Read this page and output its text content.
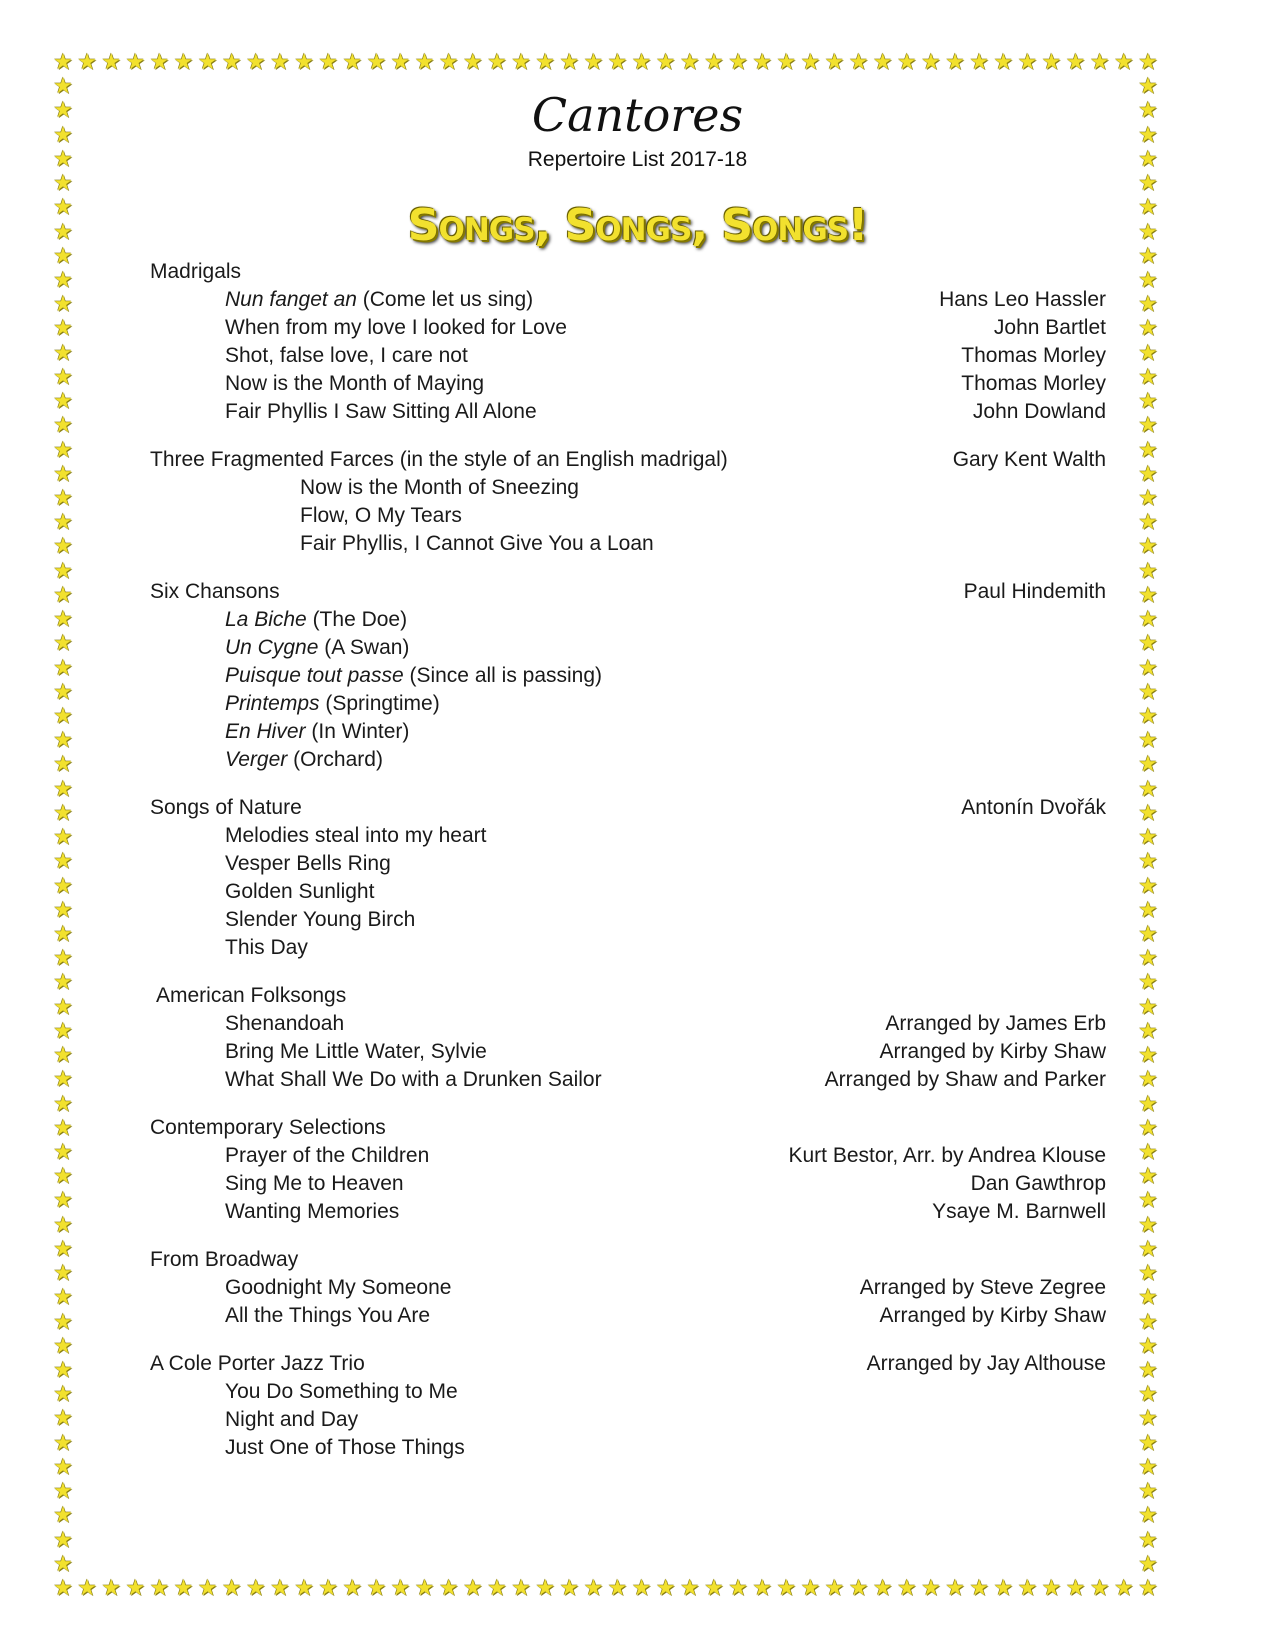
★
★
★
★
★
★
★
★
★
★
★
★
★
★
★
★
★
★
★
★
★
★
★
★
★
★
★
★
★
★
★
★
★
★
★
★
★
★
★
★
★
★
★
★
★
★
★
★
★
★
★
★
★
★
★
★
★
★
★
★
★
★
★
★
★
★
★
★
★
★
★
★
★
★
★
★
★
★
★
★
★
★
★
★
★
★
★
★
★
★
★
★
★	★
★	★
★	★
★	★
★	★
★	★
★	★
★	★
★	★
★	★
★	★
★	★
★	★
★	★
★	★
★	★
★	★
★	★
★	★
★	★
★	★
★	★
★	★
★	★
★	★
★	★
★	★
★	★
★	★
★	★
★	★
★	★
★	★
★	★
★	★
★	★
★	★
★	★
★	★
★	★
★	★
★	★
★	★
★	★
★	★
★	★
★	★
★	★
★	★
★	★
★	★
★	★
★	★
★	★
★	★
★	★
★	★
★	★
★	★
★	★
★	★
★	★
Cantores
Repertoire List 2017-18
Songs, Songs, Songs!
Madrigals
Nun fanget an (Come let us sing)	Hans Leo Hassler
When from my love I looked for Love	John Bartlet
Shot, false love, I care not	Thomas Morley
Now is the Month of Maying	Thomas Morley
Fair Phyllis I Saw Sitting All Alone	John Dowland
Three Fragmented Farces (in the style of an English madrigal)	Gary Kent Walth
Now is the Month of Sneezing
Flow, O My Tears
Fair Phyllis, I Cannot Give You a Loan
Six Chansons	Paul Hindemith
La Biche (The Doe)
Un Cygne (A Swan)
Puisque tout passe (Since all is passing)
Printemps (Springtime)
En Hiver (In Winter)
Verger (Orchard)
Songs of Nature	Antonín Dvořák
Melodies steal into my heart
Vesper Bells Ring
Golden Sunlight
Slender Young Birch
This Day
American Folksongs
Shenandoah	Arranged by James Erb
Bring Me Little Water, Sylvie	Arranged by Kirby Shaw
What Shall We Do with a Drunken Sailor	Arranged by Shaw and Parker
Contemporary Selections
Prayer of the Children	Kurt Bestor, Arr. by Andrea Klouse
Sing Me to Heaven	Dan Gawthrop
Wanting Memories	Ysaye M. Barnwell
From Broadway
Goodnight My Someone	Arranged by Steve Zegree
All the Things You Are	Arranged by Kirby Shaw
A Cole Porter Jazz Trio	Arranged by Jay Althouse
You Do Something to Me
Night and Day
Just One of Those Things
